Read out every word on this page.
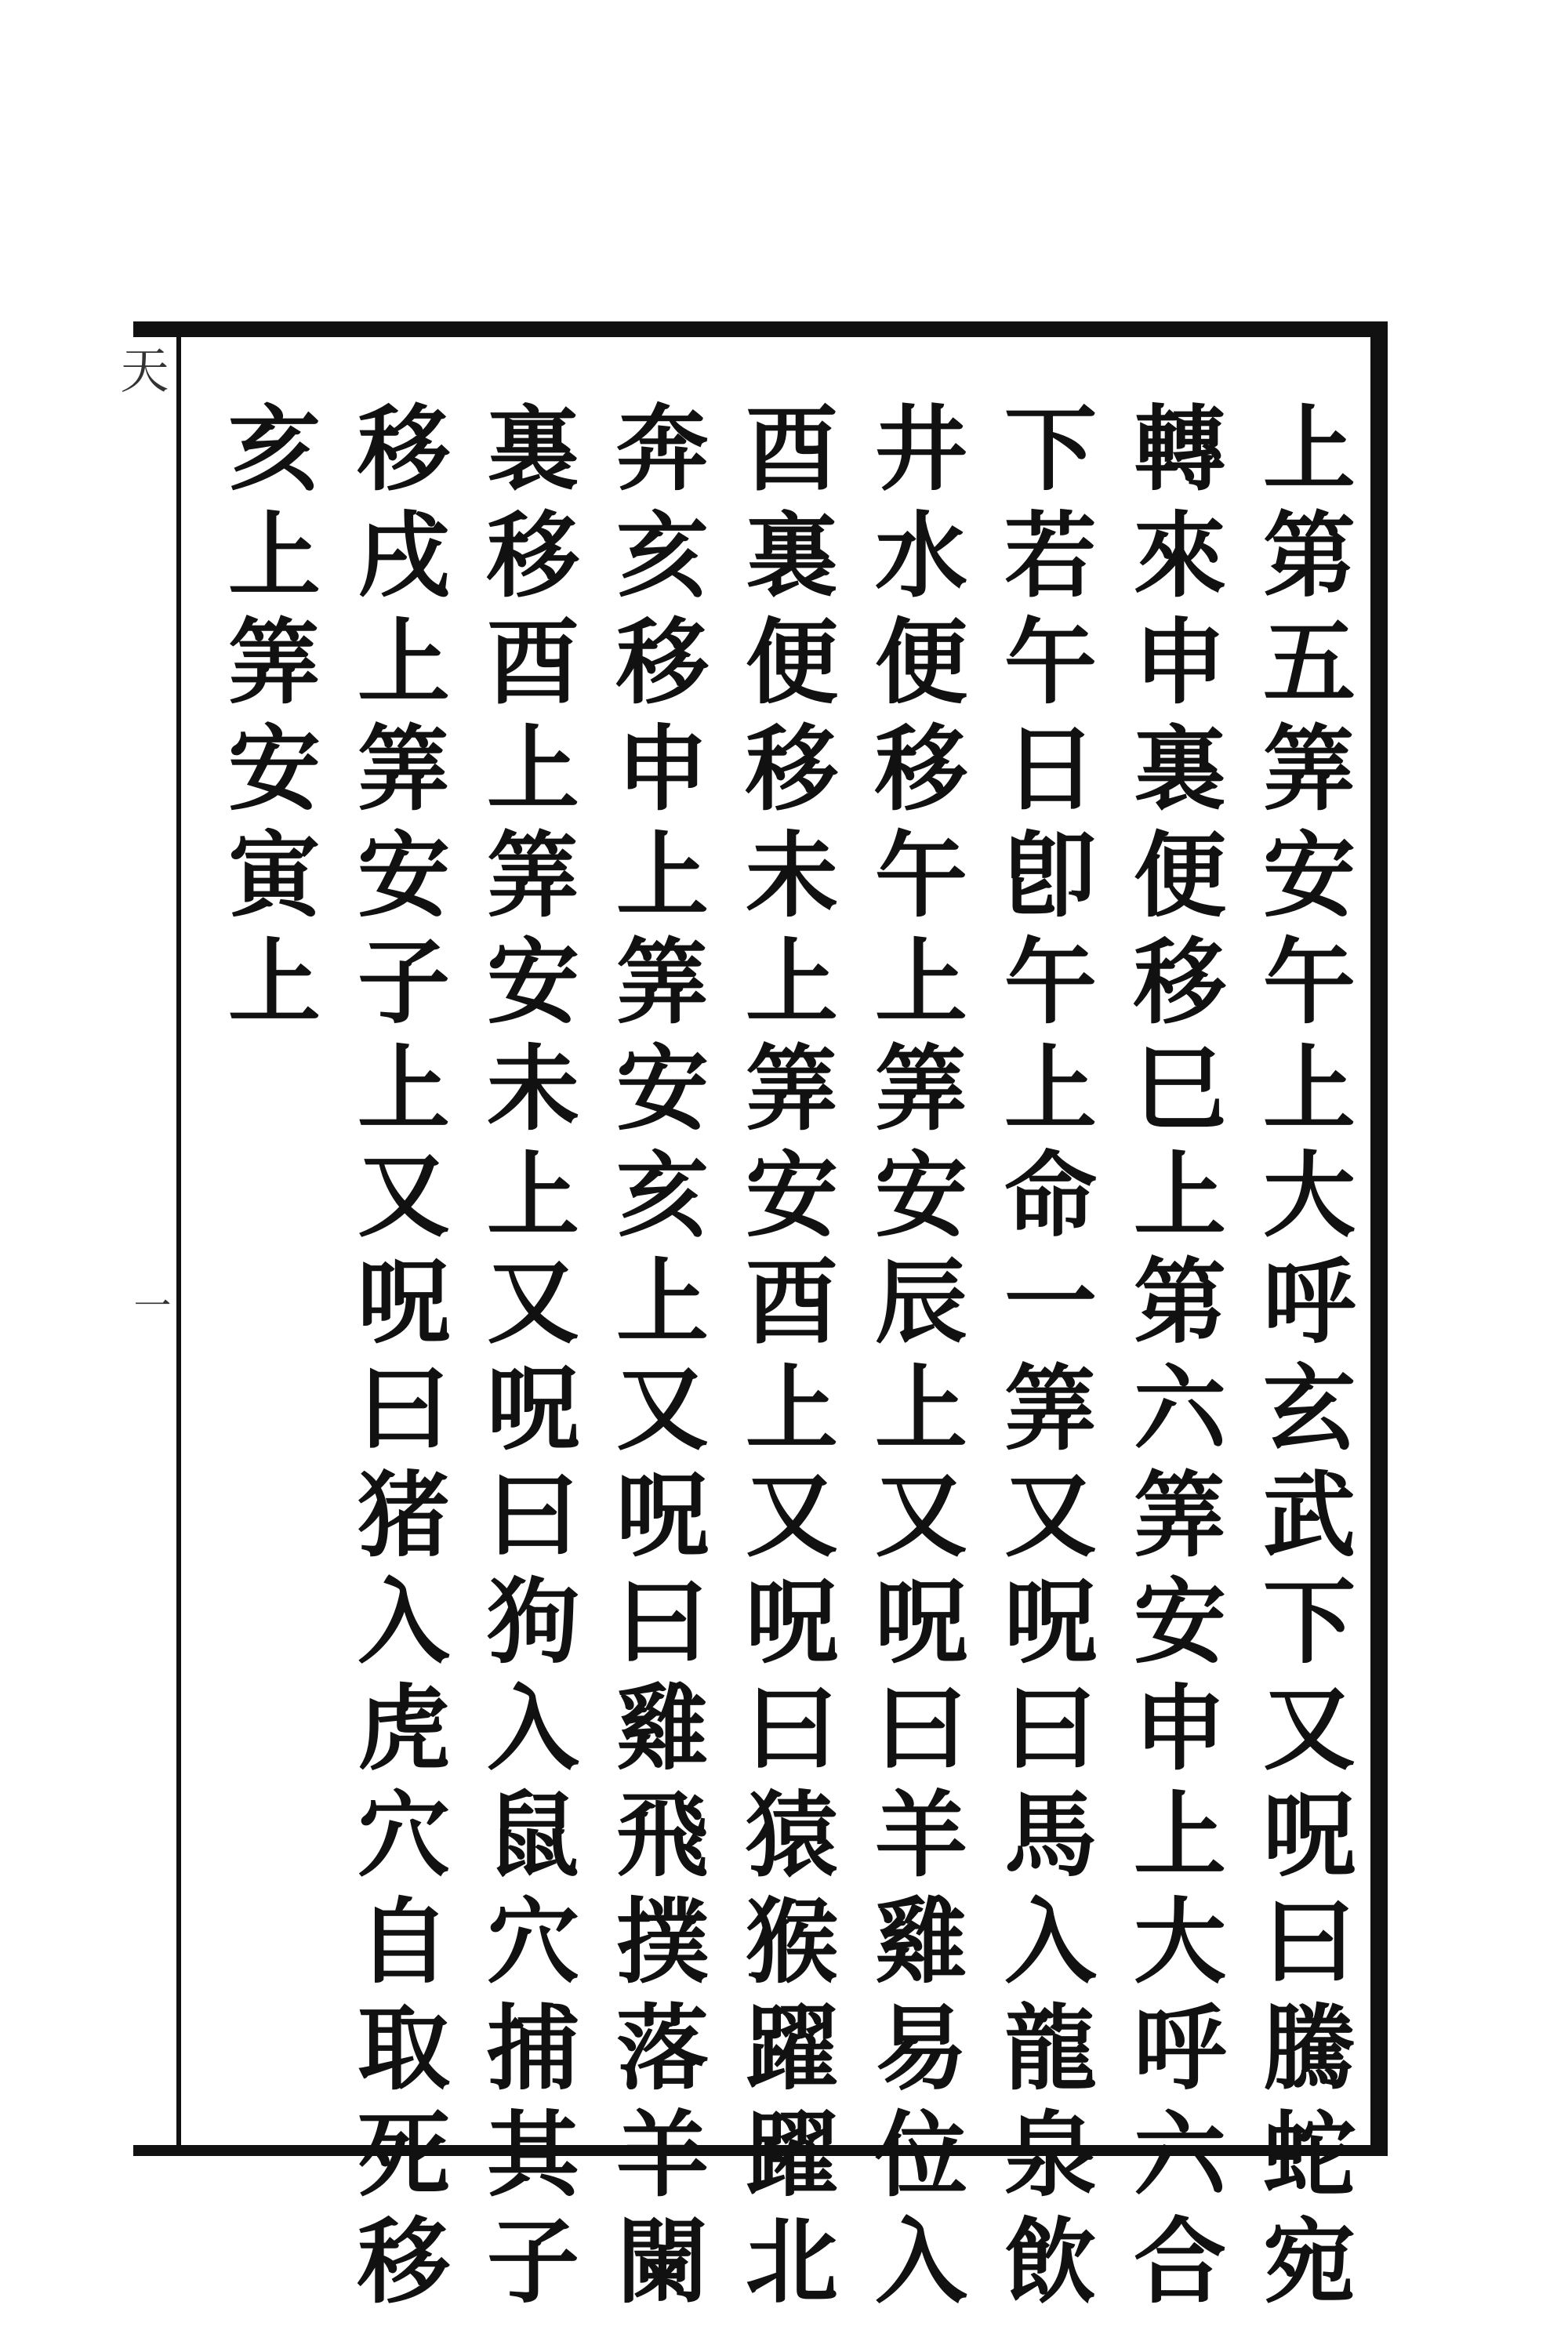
天
一	上第五筭安午上大呼玄武下又呪曰騰蛇宛
轉來申裏便移巳上第六筭安申上大呼六合
下若午日卽午上命一筭又呪曰馬入龍泉飲
井水便移午上筭安辰上又呪曰羊雞易位入
酉裏便移未上筭安酉上又呪曰猿猴躍躍北
奔亥移申上筭安亥上又呪曰雞飛撲落羊闌
裏移酉上筭安未上又呪曰狗入鼠穴捕其子
移戌上筭安子上又呪曰猪入虎穴自取死移
亥上筭安寅上
